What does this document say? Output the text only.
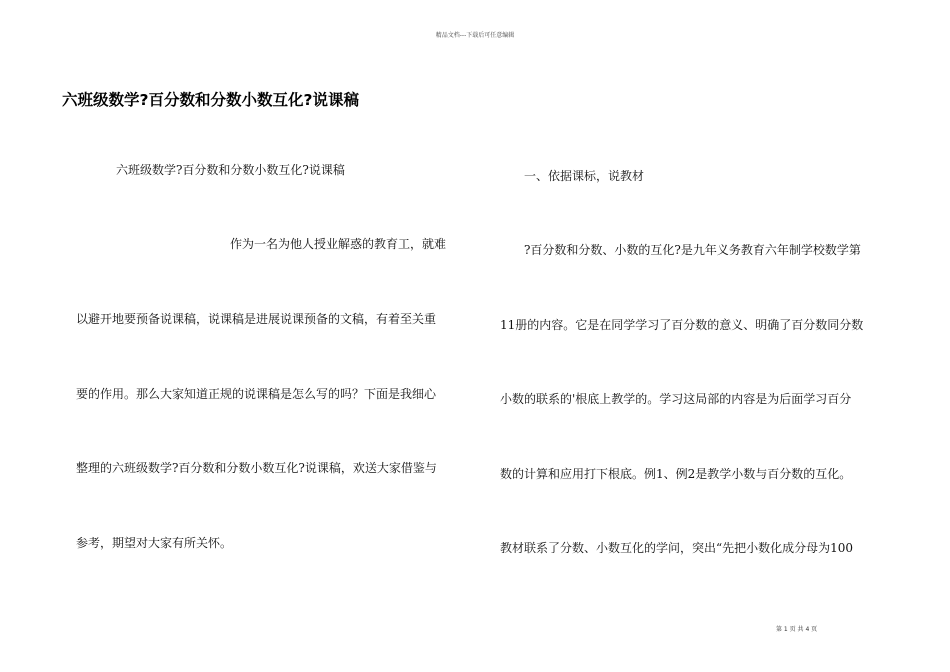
精品文档---下载后可任意编辑
六班级数学?百分数和分数小数互化?说课稿
六班级数学?百分数和分数小数互化?说课稿
作为一名为他人授业解惑的教育工，就难
以避开地要预备说课稿，说课稿是进展说课预备的文稿，有着至关重
要的作用。那么大家知道正规的说课稿是怎么写的吗？下面是我细心
整理的六班级数学?百分数和分数小数互化?说课稿，欢送大家借鉴与
参考，期望对大家有所关怀。
一、依据课标，说教材
?百分数和分数、小数的互化?是九年义务教育六年制学校数学第
11册的内容。它是在同学学习了百分数的意义、明确了百分数同分数
小数的联系的'根底上教学的。学习这局部的内容是为后面学习百分
数的计算和应用打下根底。例1、例2是教学小数与百分数的互化。
教材联系了分数、小数互化的学问，突出“先把小数化成分母为100
第 1 页 共 4 页
